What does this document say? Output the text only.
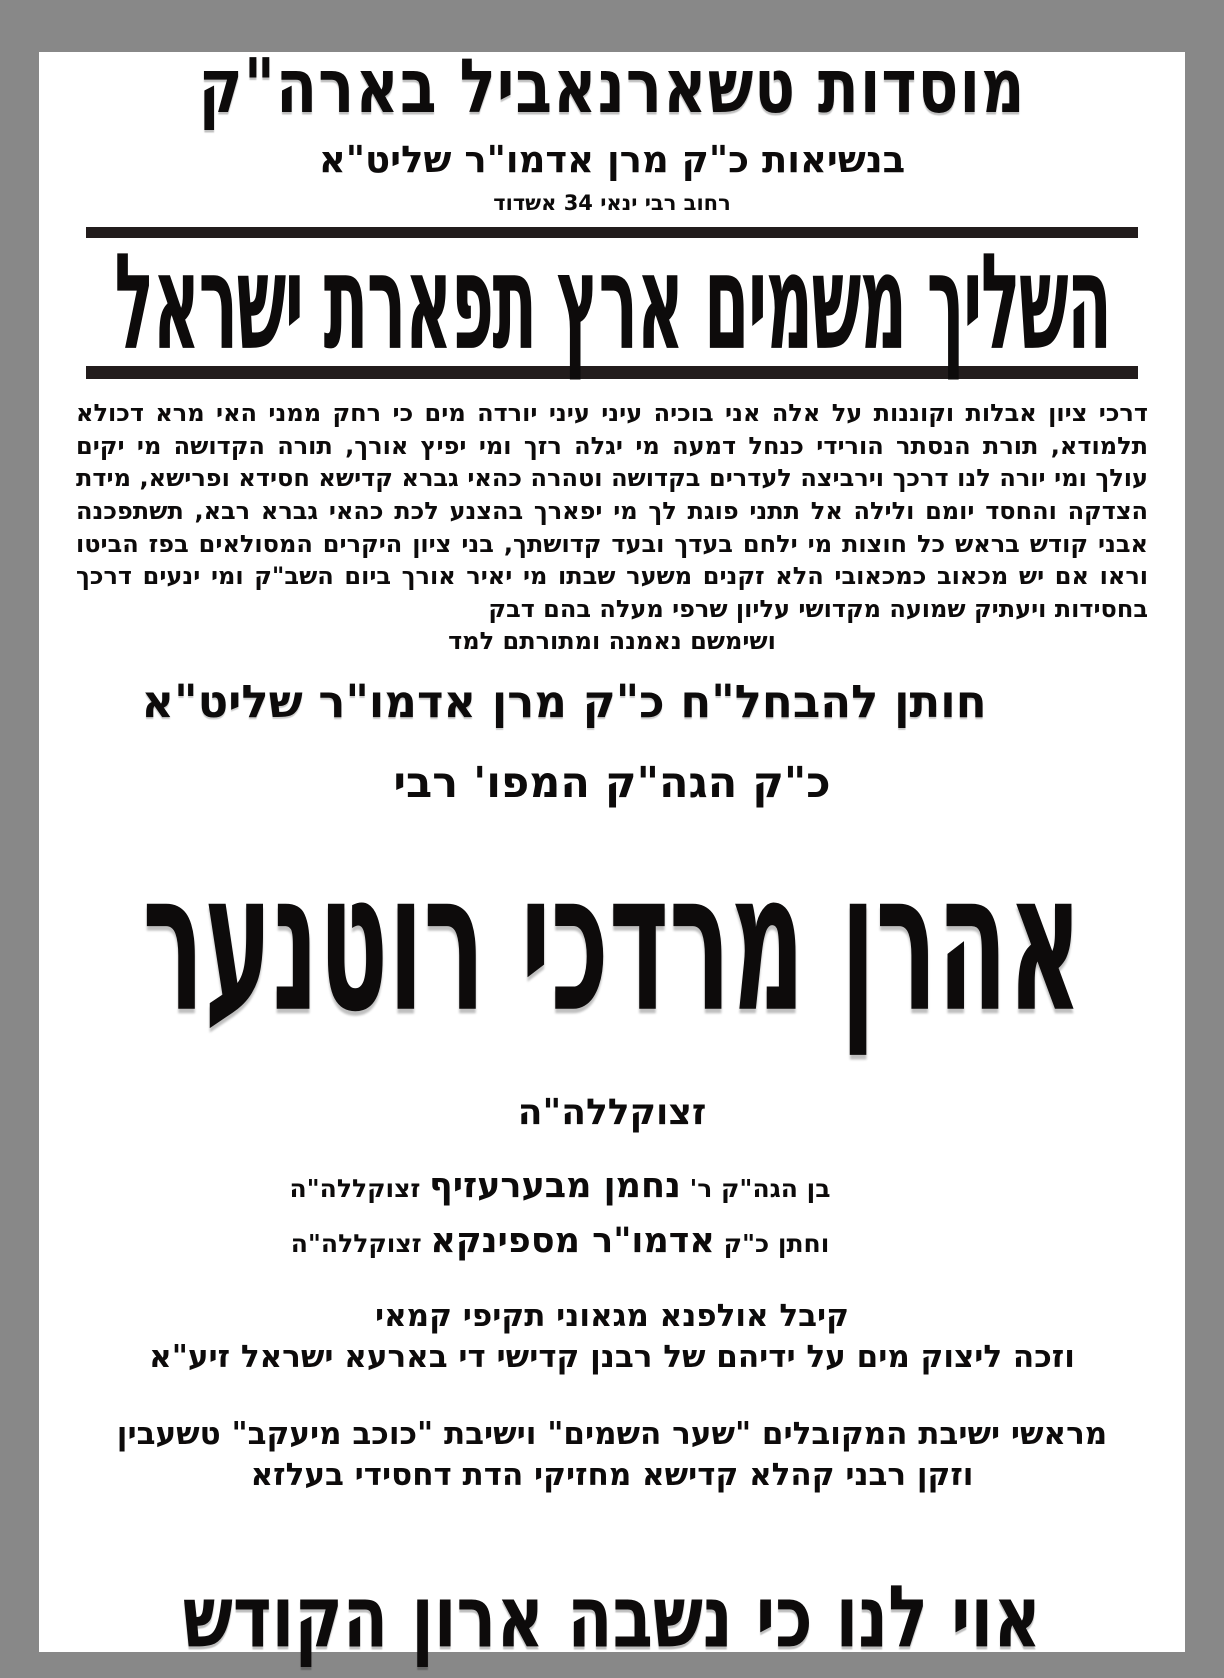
מוסדות טשארנאביל בארה"ק
בנשיאות כ"ק מרן אדמו"ר שליט"א
רחוב רבי ינאי 34 אשדוד
השליך משמים ארץ תפארת ישראל
דרכי ציון אבלות וקוננות על אלה אני בוכיה עיני עיני יורדה מים כי רחק ממני האי מרא דכולא תלמודא, תורת הנסתר הורידי כנחל דמעה מי יגלה רזך ומי יפיץ אורך, תורה הקדושה מי יקים עולך ומי יורה לנו דרכך וירביצה לעדרים בקדושה וטהרה כהאי גברא קדישא חסידא ופרישא, מידת הצדקה והחסד יומם ולילה אל תתני פוגת לך מי יפארך בהצנע לכת כהאי גברא רבא, תשתפכנה אבני קודש בראש כל חוצות מי ילחם בעדך ובעד קדושתך, בני ציון היקרים המסולאים בפז הביטו וראו אם יש מכאוב כמכאובי הלא זקנים משער שבתו מי יאיר אורך ביום השב"ק ומי ינעים דרכך בחסידות ויעתיק שמועה מקדושי עליון שרפי מעלה בהם דבק
ושימשם נאמנה ומתורתם למד
חותן להבחל"ח כ"ק מרן אדמו"ר שליט"א
כ"ק הגה"ק המפו' רבי
אהרן מרדכי רוטנער
זצוקללה"ה
בן הגה"ק ר' נחמן מבערעזיף זצוקללה"ה
וחתן כ"ק אדמו"ר מספינקא זצוקללה"ה
קיבל אולפנא מגאוני תקיפי קמאי
וזכה ליצוק מים על ידיהם של רבנן קדישי די בארעא ישראל זיע"א
מראשי ישיבת המקובלים "שער השמים" וישיבת "כוכב מיעקב" טשעבין
וזקן רבני קהלא קדישא מחזיקי הדת דחסידי בעלזא
אוי לנו כי נשבה ארון הקודש
